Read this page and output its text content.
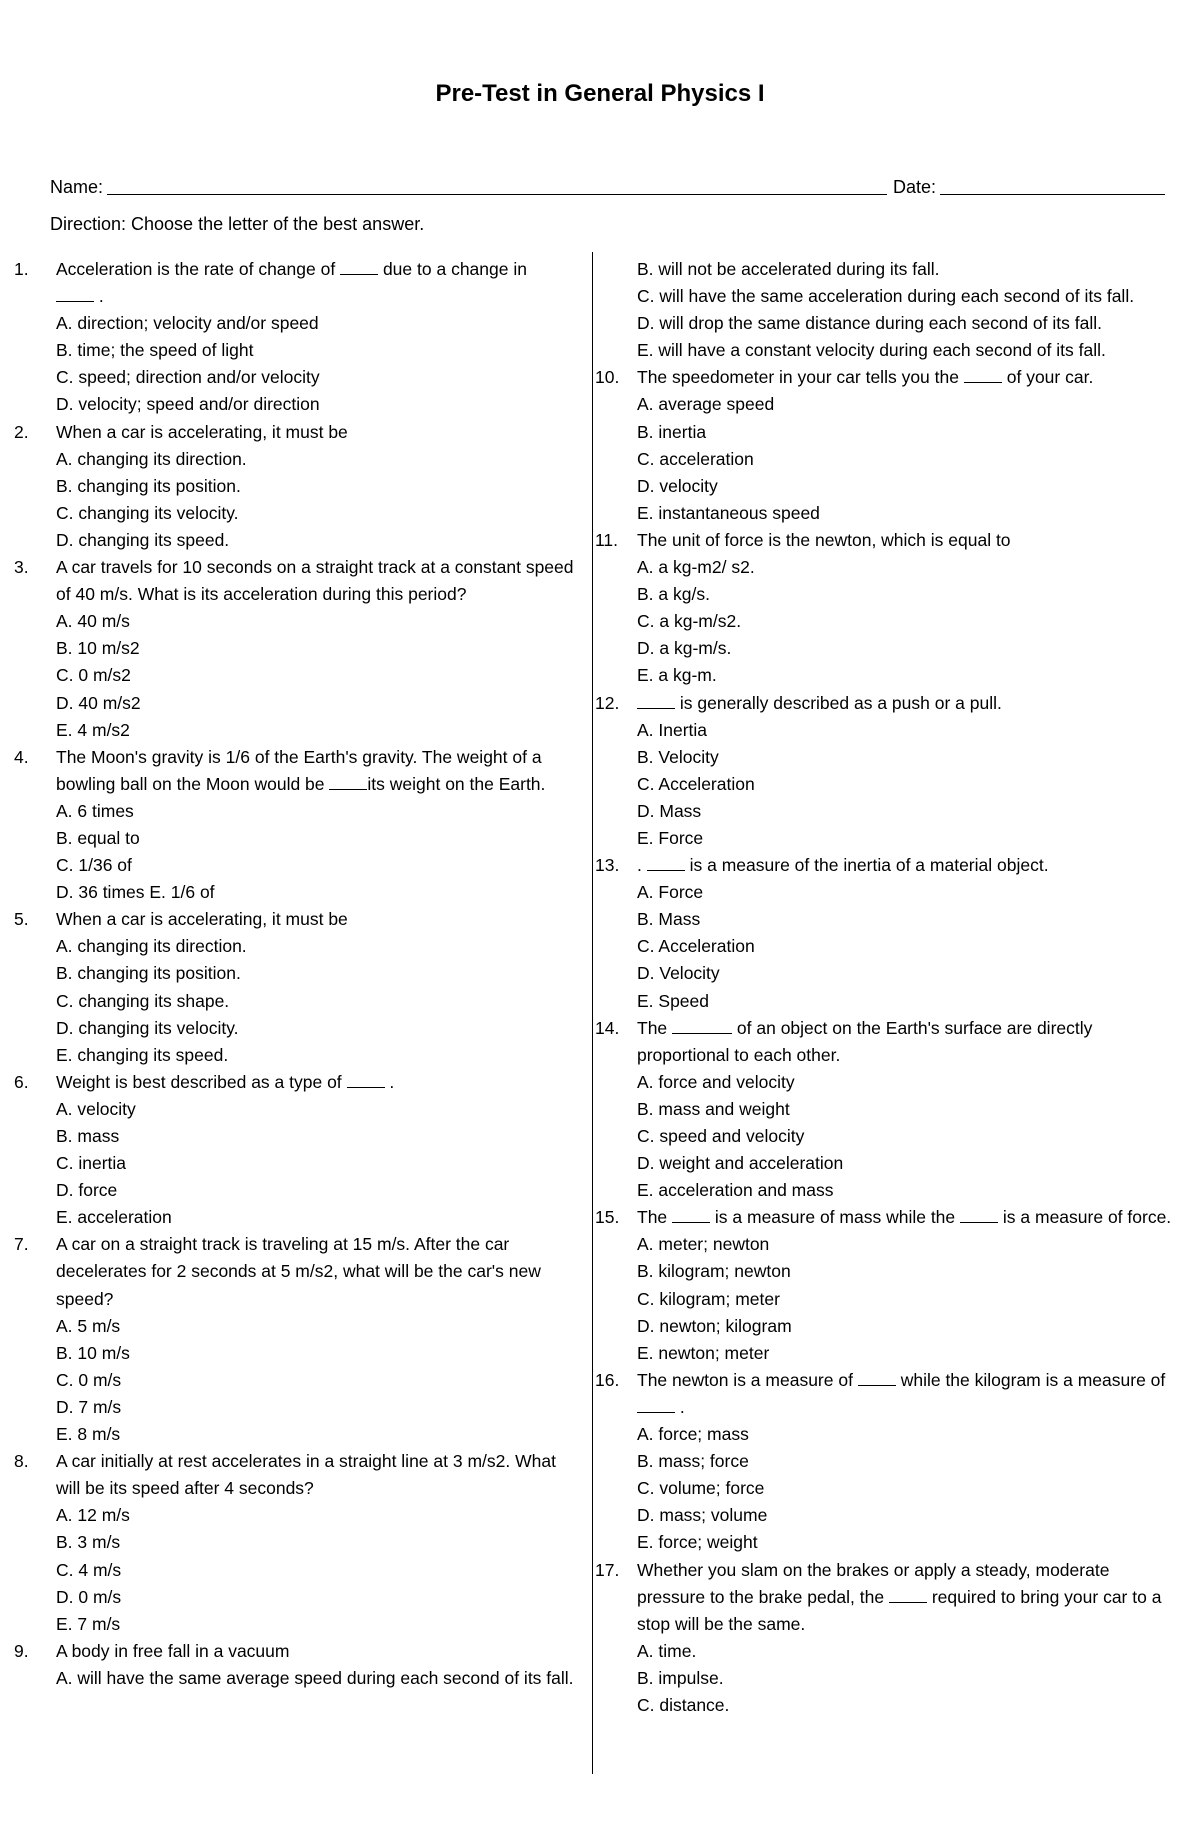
Pre-Test in General Physics I
Name:	Date:
Direction: Choose the letter of the best answer.
1.	Acceleration is the rate of change of	due to a change in
.
A. direction; velocity and/or speed
B. time; the speed of light
C. speed; direction and/or velocity
D. velocity; speed and/or direction
2.	When a car is accelerating, it must be
A. changing its direction.
B. changing its position.
C. changing its velocity.
D. changing its speed.
3.	A car travels for 10 seconds on a straight track at a constant speed of 40 m/s. What is its acceleration during this period?
A. 40 m/s
B. 10 m/s2
C. 0 m/s2
D. 40 m/s2
E. 4 m/s2
4.	The Moon's gravity is 1/6 of the Earth's gravity. The weight of a bowling ball on the Moon would be its weight on the Earth.
A. 6 times
B. equal to
C. 1/36 of
D. 36 times E. 1/6 of
5.	When a car is accelerating, it must be
A. changing its direction.
B. changing its position.
C. changing its shape.
D. changing its velocity.
E. changing its speed.
6.	Weight is best described as a type of	.
A. velocity
B. mass
C. inertia
D. force
E. acceleration
7.	A car on a straight track is traveling at 15 m/s. After the car decelerates for 2 seconds at 5 m/s2, what will be the car's new speed?
A. 5 m/s
B. 10 m/s
C. 0 m/s
D. 7 m/s
E. 8 m/s
8.	A car initially at rest accelerates in a straight line at 3 m/s2. What will be its speed after 4 seconds?
A. 12 m/s
B. 3 m/s
C. 4 m/s
D. 0 m/s
E. 7 m/s
9.	A body in free fall in a vacuum
A. will have the same average speed during each second of its fall.
B. will not be accelerated during its fall.
C. will have the same acceleration during each second of its fall.
D. will drop the same distance during each second of its fall.
E. will have a constant velocity during each second of its fall.
10.	The speedometer in your car tells you the	of your car.
A. average speed
B. inertia
C. acceleration
D. velocity
E. instantaneous speed
11.	The unit of force is the newton, which is equal to
A. a kg-m2/ s2.
B. a kg/s.
C. a kg-m/s2.
D. a kg-m/s.
E. a kg-m.
12.	is generally described as a push or a pull.
A. Inertia
B. Velocity
C. Acceleration
D. Mass
E. Force
13.	.	is a measure of the inertia of a material object.
A. Force
B. Mass
C. Acceleration
D. Velocity
E. Speed
14.	The	of an object on the Earth's surface are directly proportional to each other.
A. force and velocity
B. mass and weight
C. speed and velocity
D. weight and acceleration
E. acceleration and mass
15.	The	is a measure of mass while the	is a measure of force.
A. meter; newton
B. kilogram; newton
C. kilogram; meter
D. newton; kilogram
E. newton; meter
16.	The newton is a measure of	while the kilogram is a measure of  .
A. force; mass
B. mass; force
C. volume; force
D. mass; volume
E. force; weight
17.	Whether you slam on the brakes or apply a steady, moderate pressure to the brake pedal, the	required to bring your car to a stop will be the same.
A. time.
B. impulse.
C. distance.
